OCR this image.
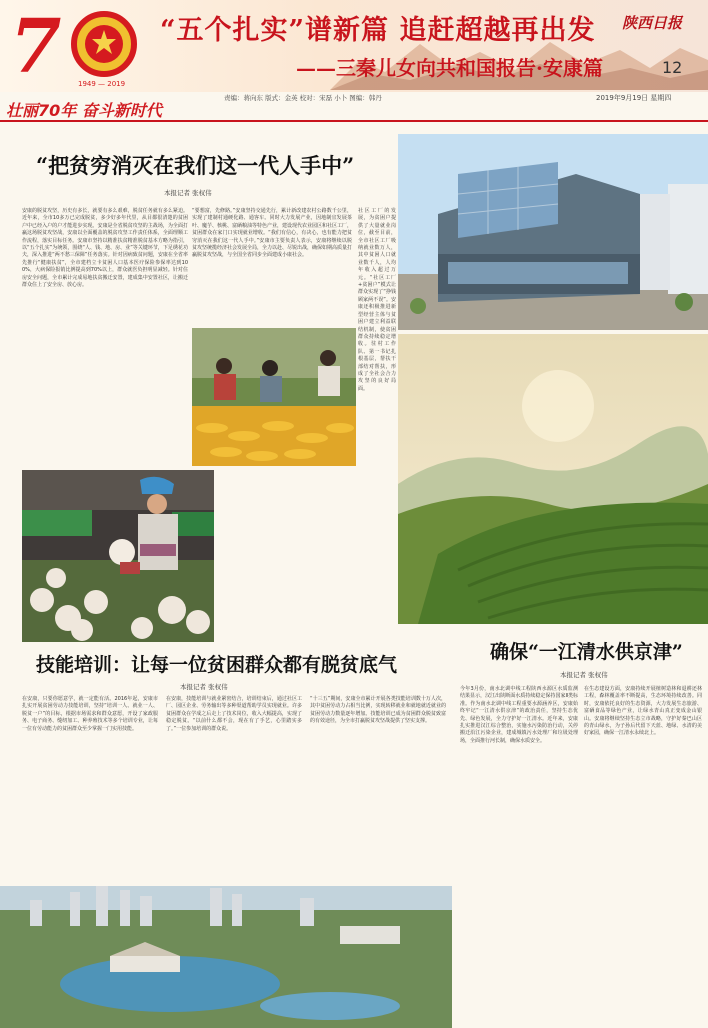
7 1949 — 2019
“五个扎实”谱新篇 追赶超越再出发
——三秦儿女向共和国报告·安康篇
陕西日报
12
壮丽70年 奋斗新时代
责编：蒋向东 版式：金英 校对：宋磊 小卜 图编：韩丹	2019年9月19日 星期四
“把贫穷消灭在我们这一代人手中”
本报记者 张权伟
安康的脱贫攻坚，历史有多长，就要有多么艰难，脱贫任务就有多么紧迫。近年来，全市10多万已完成脱贫，多少好多年代里，从目都很清楚的贫困户中已经入户的户才能进步实现。安康是全省脱贫攻坚的主战场，为全面打赢这场脱贫攻坚战，安康以全面覆盖的脱贫攻坚工作责任体系，全面理顺工作流程，落实目标任务。安康市坚持以精准扶贫精准脱贫基本方略为指引，以“五个扎实”为统领，围绕“人、钱、地、房、业”等关键环节，下足绣花功夫，深入推进“两不愁三保障”任务落实。针对因病致贫问题，安康在全省率先推行“健康扶贫”，全市建档立卡贫困人口基本医疗保险参保率达到100%，大病保险报销比例提高到70%以上，群众就医负担明显减轻。针对住房安全问题，全市累计完成易地扶贫搬迁安置，建成集中安置社区，让搬迁群众住上了安全房、放心房。
“要想富，先修路。”安康坚持交通先行，累计新改建农村公路数千公里，实现了建制村通硬化路、通客车。同时大力发展产业，因地制宜发展茶叶、魔芋、核桃、富硒粮油等特色产业，建设现代农业园区和社区工厂，贫困群众在家门口实现就业增收。“我们有信心，有决心，也有能力把贫穷消灭在我们这一代人手中。”安康市主要负责人表示，安康将继续以脱贫攻坚统揽经济社会发展全局，全力以赴、尽锐出战，确保如期高质量打赢脱贫攻坚战，与全国全省同步全面建成小康社会。
社区工厂的发展，为贫困户提供了大量就业岗位，截至目前，全市社区工厂吸纳就业数万人，其中贫困人口就业数千人，人均年收入超过万元。“社区工厂+贫困户”模式让群众实现了“挣钱顾家两不误”。安康还积极推进新型经营主体与贫困户建立利益联结机制，使贫困群众持续稳定增收。驻村工作队、第一书记扎根基层，帮扶干部结对帮扶，形成了全社会合力攻坚的良好局面。
技能培训：让每一位贫困群众都有脱贫底气
本报记者 张权伟
在安康，只要你愿意学，就一定能有活。2016年起，安康市扎实开展贫困劳动力技能培训，坚持“培训一人、就业一人、脱贫一户”的目标，根据市场需求和群众意愿，开设了家政服务、电子商务、缝纫加工、种养殖技术等多个培训专业，让每一位有劳动能力的贫困群众至少掌握一门实用技能。
在安康，技能培训与就业紧密结合，培训结束后，通过社区工厂、园区企业、劳务输出等多种渠道帮助学员实现就业。许多贫困群众在学成之后走上了技术岗位，收入大幅提高，实现了稳定脱贫。“以前什么都不会，现在有了手艺，心里踏实多了。”一位参加培训的群众说。
“十三五”期间，安康全市累计开展各类技能培训数十万人次，其中贫困劳动力占相当比例，实现转移就业和就地就近就业的贫困劳动力数量逐年增加。技能培训已成为贫困群众脱贫致富的有效途径，为全市打赢脱贫攻坚战提供了坚实支撑。
确保“一江清水供京津”
本报记者 张权伟
今年3月份，南水北调中线工程陕西水源区水质监测结果显示，汉江出陕断面水质持续稳定保持国家Ⅱ类标准。作为南水北调中线工程重要水源涵养区，安康始终牢记“一江清水供京津”的政治责任，坚持生态优先、绿色发展，全力守护好一江清水。近年来，安康扎实推进汉江综合整治，实施水污染防治行动，关停搬迁沿江污染企业，建成城镇污水处理厂和垃圾处理场，全面推行河长制，确保水质安全。
在生态建设方面，安康持续开展植树造林和退耕还林工程，森林覆盖率不断提高，生态环境持续改善。同时，安康依托良好的生态资源，大力发展生态旅游、富硒食品等绿色产业，让绿水青山真正变成金山银山。安康将继续坚持生态立市战略，守护好秦巴山区的青山绿水，为子孙后代留下天蓝、地绿、水清的美好家园，确保一江清水永续北上。
